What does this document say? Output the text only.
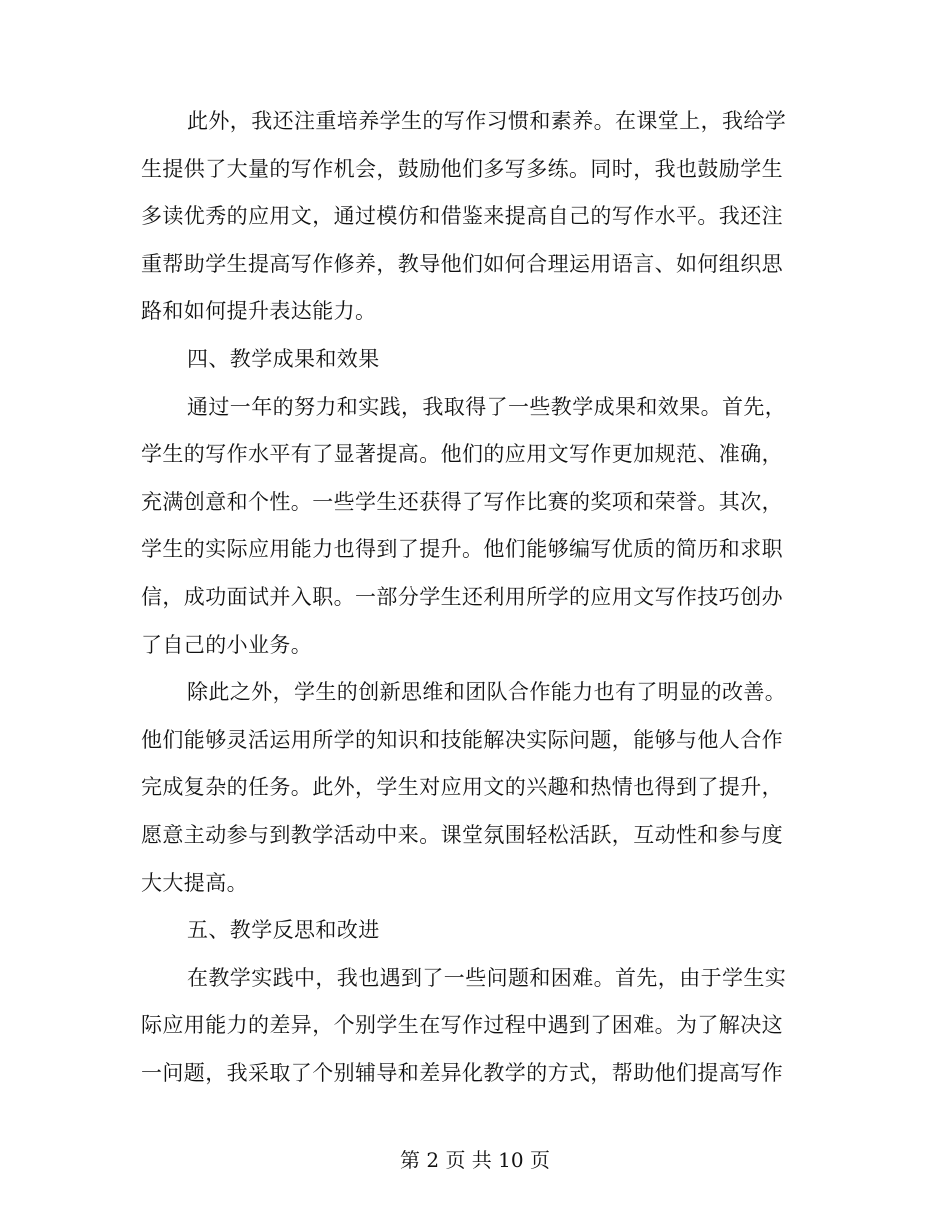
此外，我还注重培养学生的写作习惯和素养。在课堂上，我给学
生提供了大量的写作机会，鼓励他们多写多练。同时，我也鼓励学生
多读优秀的应用文，通过模仿和借鉴来提高自己的写作水平。我还注
重帮助学生提高写作修养，教导他们如何合理运用语言、如何组织思
路和如何提升表达能力。
四、教学成果和效果
通过一年的努力和实践，我取得了一些教学成果和效果。首先，
学生的写作水平有了显著提高。他们的应用文写作更加规范、准确，
充满创意和个性。一些学生还获得了写作比赛的奖项和荣誉。其次，
学生的实际应用能力也得到了提升。他们能够编写优质的简历和求职
信，成功面试并入职。一部分学生还利用所学的应用文写作技巧创办
了自己的小业务。
除此之外，学生的创新思维和团队合作能力也有了明显的改善。
他们能够灵活运用所学的知识和技能解决实际问题，能够与他人合作
完成复杂的任务。此外，学生对应用文的兴趣和热情也得到了提升，
愿意主动参与到教学活动中来。课堂氛围轻松活跃，互动性和参与度
大大提高。
五、教学反思和改进
在教学实践中，我也遇到了一些问题和困难。首先，由于学生实
际应用能力的差异，个别学生在写作过程中遇到了困难。为了解决这
一问题，我采取了个别辅导和差异化教学的方式，帮助他们提高写作
第 2 页 共 10 页
